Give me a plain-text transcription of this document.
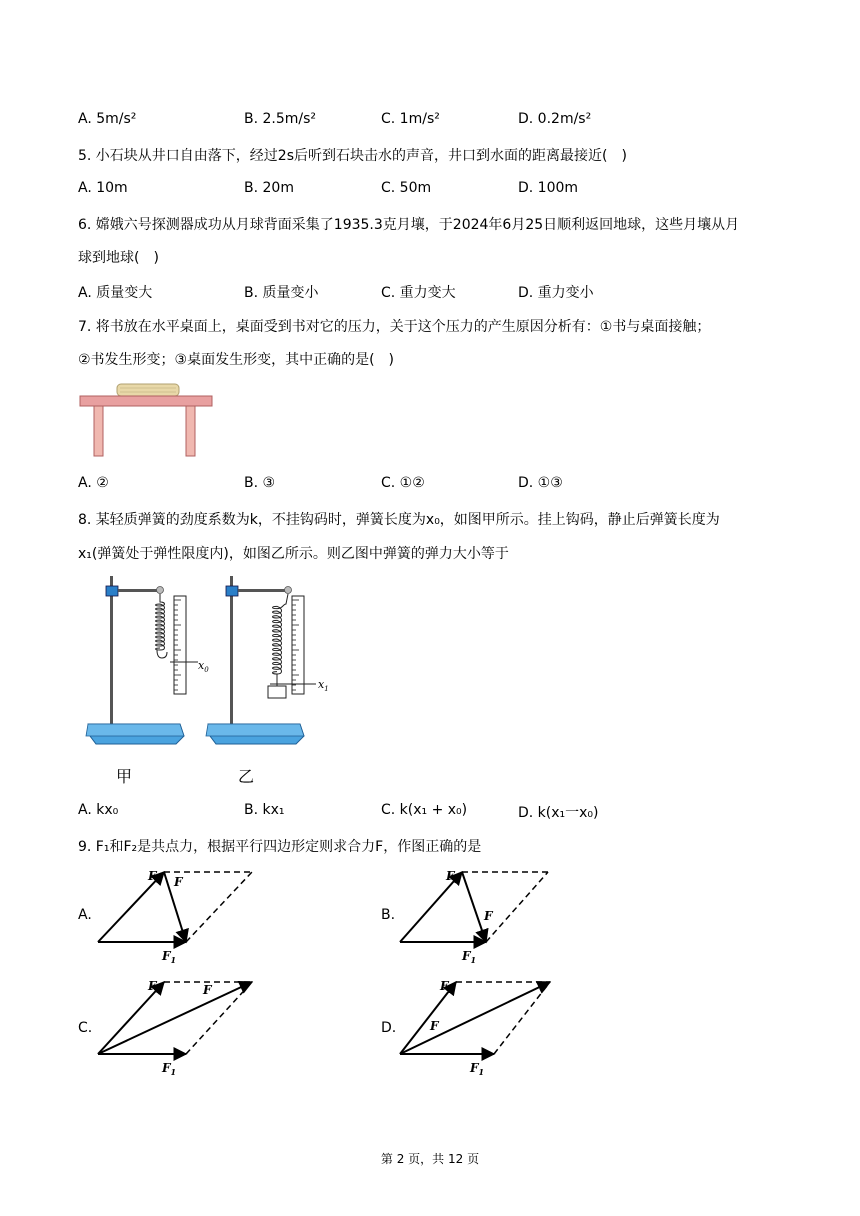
A. 5m/s²	B. 2.5m/s²	C. 1m/s²	D. 0.2m/s²
5. 小石块从井口自由落下，经过2s后听到石块击水的声音，井口到水面的距离最接近(　)
A. 10m	B. 20m	C. 50m	D. 100m
6. 嫦娥六号探测器成功从月球背面采集了1935.3克月壤，于2024年6月25日顺利返回地球，这些月壤从月
球到地球(　)
A. 质量变大	B. 质量变小	C. 重力变大	D. 重力变小
7. 将书放在水平桌面上，桌面受到书对它的压力，关于这个压力的产生原因分析有：①书与桌面接触；
②书发生形变；③桌面发生形变，其中正确的是(　)
A. ②	B. ③	C. ①②	D. ①③
8. 某轻质弹簧的劲度系数为k，不挂钩码时，弹簧长度为x₀，如图甲所示。挂上钩码，静止后弹簧长度为
x₁(弹簧处于弹性限度内)，如图乙所示。则乙图中弹簧的弹力大小等于
$x_0$
$x_1$
甲	乙
A. kx₀	B. kx₁	C. k(x₁ + x₀)	D. k(x₁一x₀)
9. F₁和F₂是共点力，根据平行四边形定则求合力F，作图正确的是
A.	B.
C.	D.
$F_1$
$F_2$ F
$F_1$
$F_2$
F
$F_1$
$F_2$	F
$F_1$
$F_2$
F
第 2 页，共 12 页
